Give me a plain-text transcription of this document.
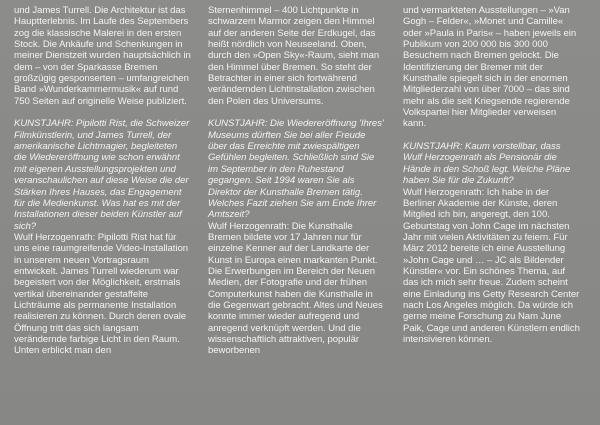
und James Turrell. Die Architektur ist das Hauptterlebnis. Im Laufe des Septembers zog die klassische Malerei in den ersten Stock. Die Ankäufe und Schenkungen in meiner Dienstzeit wurden hauptsächlich in dem – von der Sparkasse Bremen großzügig gesponserten – umfangreichen Band »Wunderkammermusik« auf rund 750 Seiten auf originelle Weise publiziert.

KUNSTJAHR: Pipilotti Rist, die Schweizer Filmkünstlerin, und James Turrell, der amerikanische Lichtmagier, begleiteten die Wiedereröffnung wie schon erwähnt mit eigenen Ausstellungsprojekten und veranschaulichen auf diese Weise die der Stärken Ihres Hauses, das Engagement für die Medienkunst. Was hat es mit der Installationen dieser beiden Künstler auf sich?

Wulf Herzogenrath: Pipilotti Rist hat für uns eine raumgreifende Video-Installation in unserem neuen Vortragsraum entwickelt. James Turrell wiederum war begeistert von der Möglichkeit, erstmals vertikal übereinander gestaffelte Lichträume als permanente Installation realisieren zu können. Durch deren ovale Öffnung tritt das sich langsam verändernde farbige Licht in den Raum. Unten erblickt man den

Sternenhimmel – 400 Lichtpunkte in schwarzem Marmor zeigen den Himmel auf der anderen Seite der Erdkugel, das heißt nördlich von Neuseeland. Oben, durch den »Open Sky«-Raum, sieht man den Himmel über Bremen. So steht der Betrachter in einer sich fortwährend verändernden Lichtinstallation zwischen den Polen des Universums.

KUNSTJAHR: Die Wiedereröffnung 'Ihres' Museums dürften Sie bei aller Freude über das Erreichte mit zwiespältigen Gefühlen begleiten. Schließlich sind Sie im September in den Ruhestand gegangen. Seit 1994 waren Sie als Direktor der Kunsthalle Bremen tätig. Welches Fazit ziehen Sie am Ende Ihrer Amtszeit?

Wulf Herzogenrath: Die Kunsthalle Bremen bildete vor 17 Jahren nur für einzelne Kenner auf der Landkarte der Kunst in Europa einen markanten Punkt. Die Erwerbungen im Bereich der Neuen Medien, der Fotografie und der frühen Computerkunst haben die Kunsthalle in die Gegenwart gebracht. Altes und Neues konnte immer wieder aufregend und anregend verknüpft werden. Und die wissenschaftlich attraktiven, populär beworbenen

und vermarkteten Ausstellungen – »Van Gogh – Felder«, »Monet und Camille« oder »Paula in Paris« – haben jeweils ein Publikum von 200 000 bis 300 000 Besuchern nach Bremen gelockt. Die Identifizierung der Bremer mit der Kunsthalle spiegelt sich in der enormen Mitgliederzahl von über 7000 – das sind mehr als die seit Kriegsende regierende Volkspartei hier Mitglieder verweisen kann.

KUNSTJAHR: Kaum vorstellbar, dass Wulf Herzogenrath als Pensionär die Hände in den Schoß legt. Welche Pläne haben Sie für die Zukunft?

Wulf Herzogenrath: Ich habe in der Berliner Akademie der Künste, deren Mitglied ich bin, angeregt, den 100. Geburtstag von John Cage im nächsten Jahr mit vielen Aktivitäten zu feiern. Für März 2012 bereite ich eine Ausstellung »John Cage und … – JC als Bildender Künstler« vor. Ein schönes Thema, auf das ich mich sehr freue. Zudem scheint eine Einladung ins Getty Research Center nach Los Angeles möglich. Da würde ich gerne meine Forschung zu Nam June Paik, Cage und anderen Künstlern endlich intensivieren können.
